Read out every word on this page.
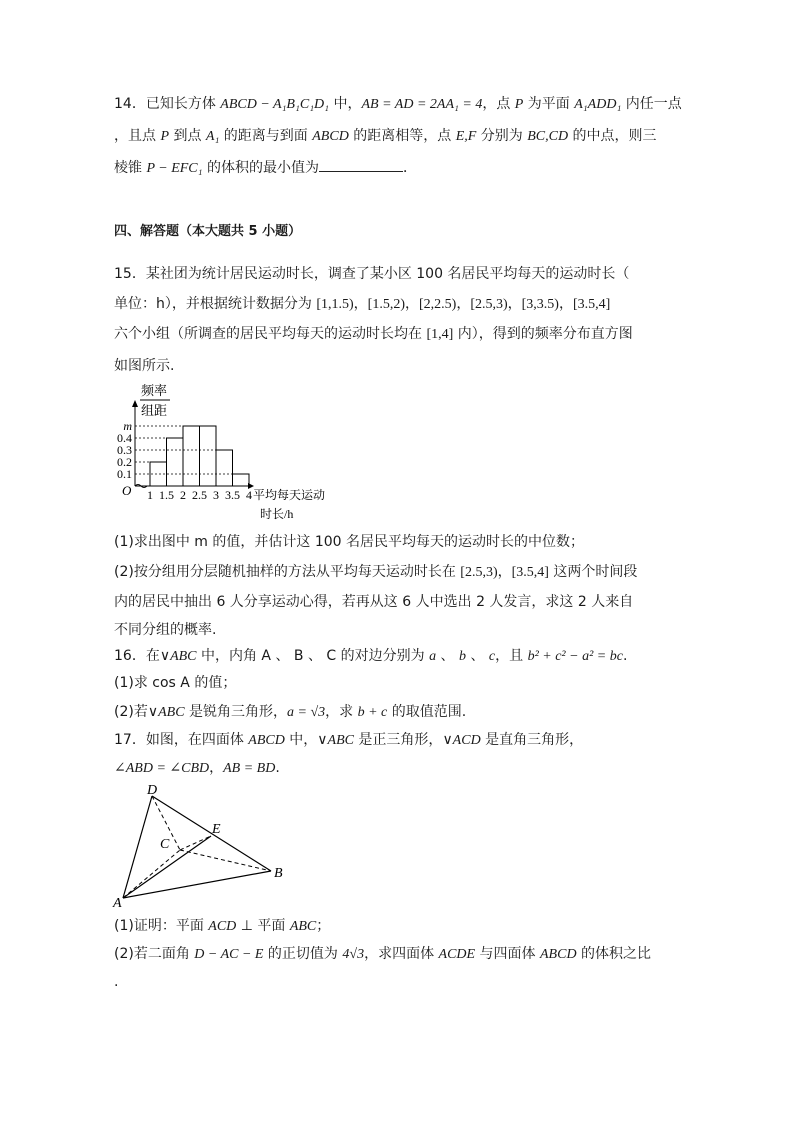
14．已知长方体 ABCD − A₁B₁C₁D₁ 中，AB = AD = 2AA₁ = 4，点 P 为平面 A₁ADD₁ 内任一点
，且点 P 到点 A₁ 的距离与到面 ABCD 的距离相等，点 E,F 分别为 BC,CD 的中点，则三
棱锥 P − EFC₁ 的体积的最小值为	．
四、解答题（本大题共 5 小题）
15．某社团为统计居民运动时长，调查了某小区 100 名居民平均每天的运动时长（
单位：h），并根据统计数据分为 [1,1.5)，[1.5,2)，[2,2.5)，[2.5,3)，[3,3.5)，[3.5,4]
六个小组（所调查的居民平均每天的运动时长均在 [1,4] 内），得到的频率分布直方图
如图所示.
频率
组距
O	平均每天运动
时长/h
0.1
0.2
0.3
0.4
m
1 1.5 2 2.5 3 3.5 4
(1)求出图中 m 的值，并估计这 100 名居民平均每天的运动时长的中位数；
(2)按分组用分层随机抽样的方法从平均每天运动时长在 [2.5,3)，[3.5,4] 这两个时间段
内的居民中抽出 6 人分享运动心得，若再从这 6 人中选出 2 人发言，求这 2 人来自
不同分组的概率.
16．在∨ABC 中，内角 A 、 B 、 C 的对边分别为 a 、 b 、 c，且 b² + c² − a² = bc.
(1)求 cos A 的值；
(2)若∨ABC 是锐角三角形，a = √3，求 b + c 的取值范围.
17．如图，在四面体 ABCD 中，∨ABC 是正三角形，∨ACD 是直角三角形，
∠ABD = ∠CBD，AB = BD.
D
E
C
B
A
(1)证明：平面 ACD ⊥ 平面 ABC；
(2)若二面角 D − AC − E 的正切值为 4√3，求四面体 ACDE 与四面体 ABCD 的体积之比
.
